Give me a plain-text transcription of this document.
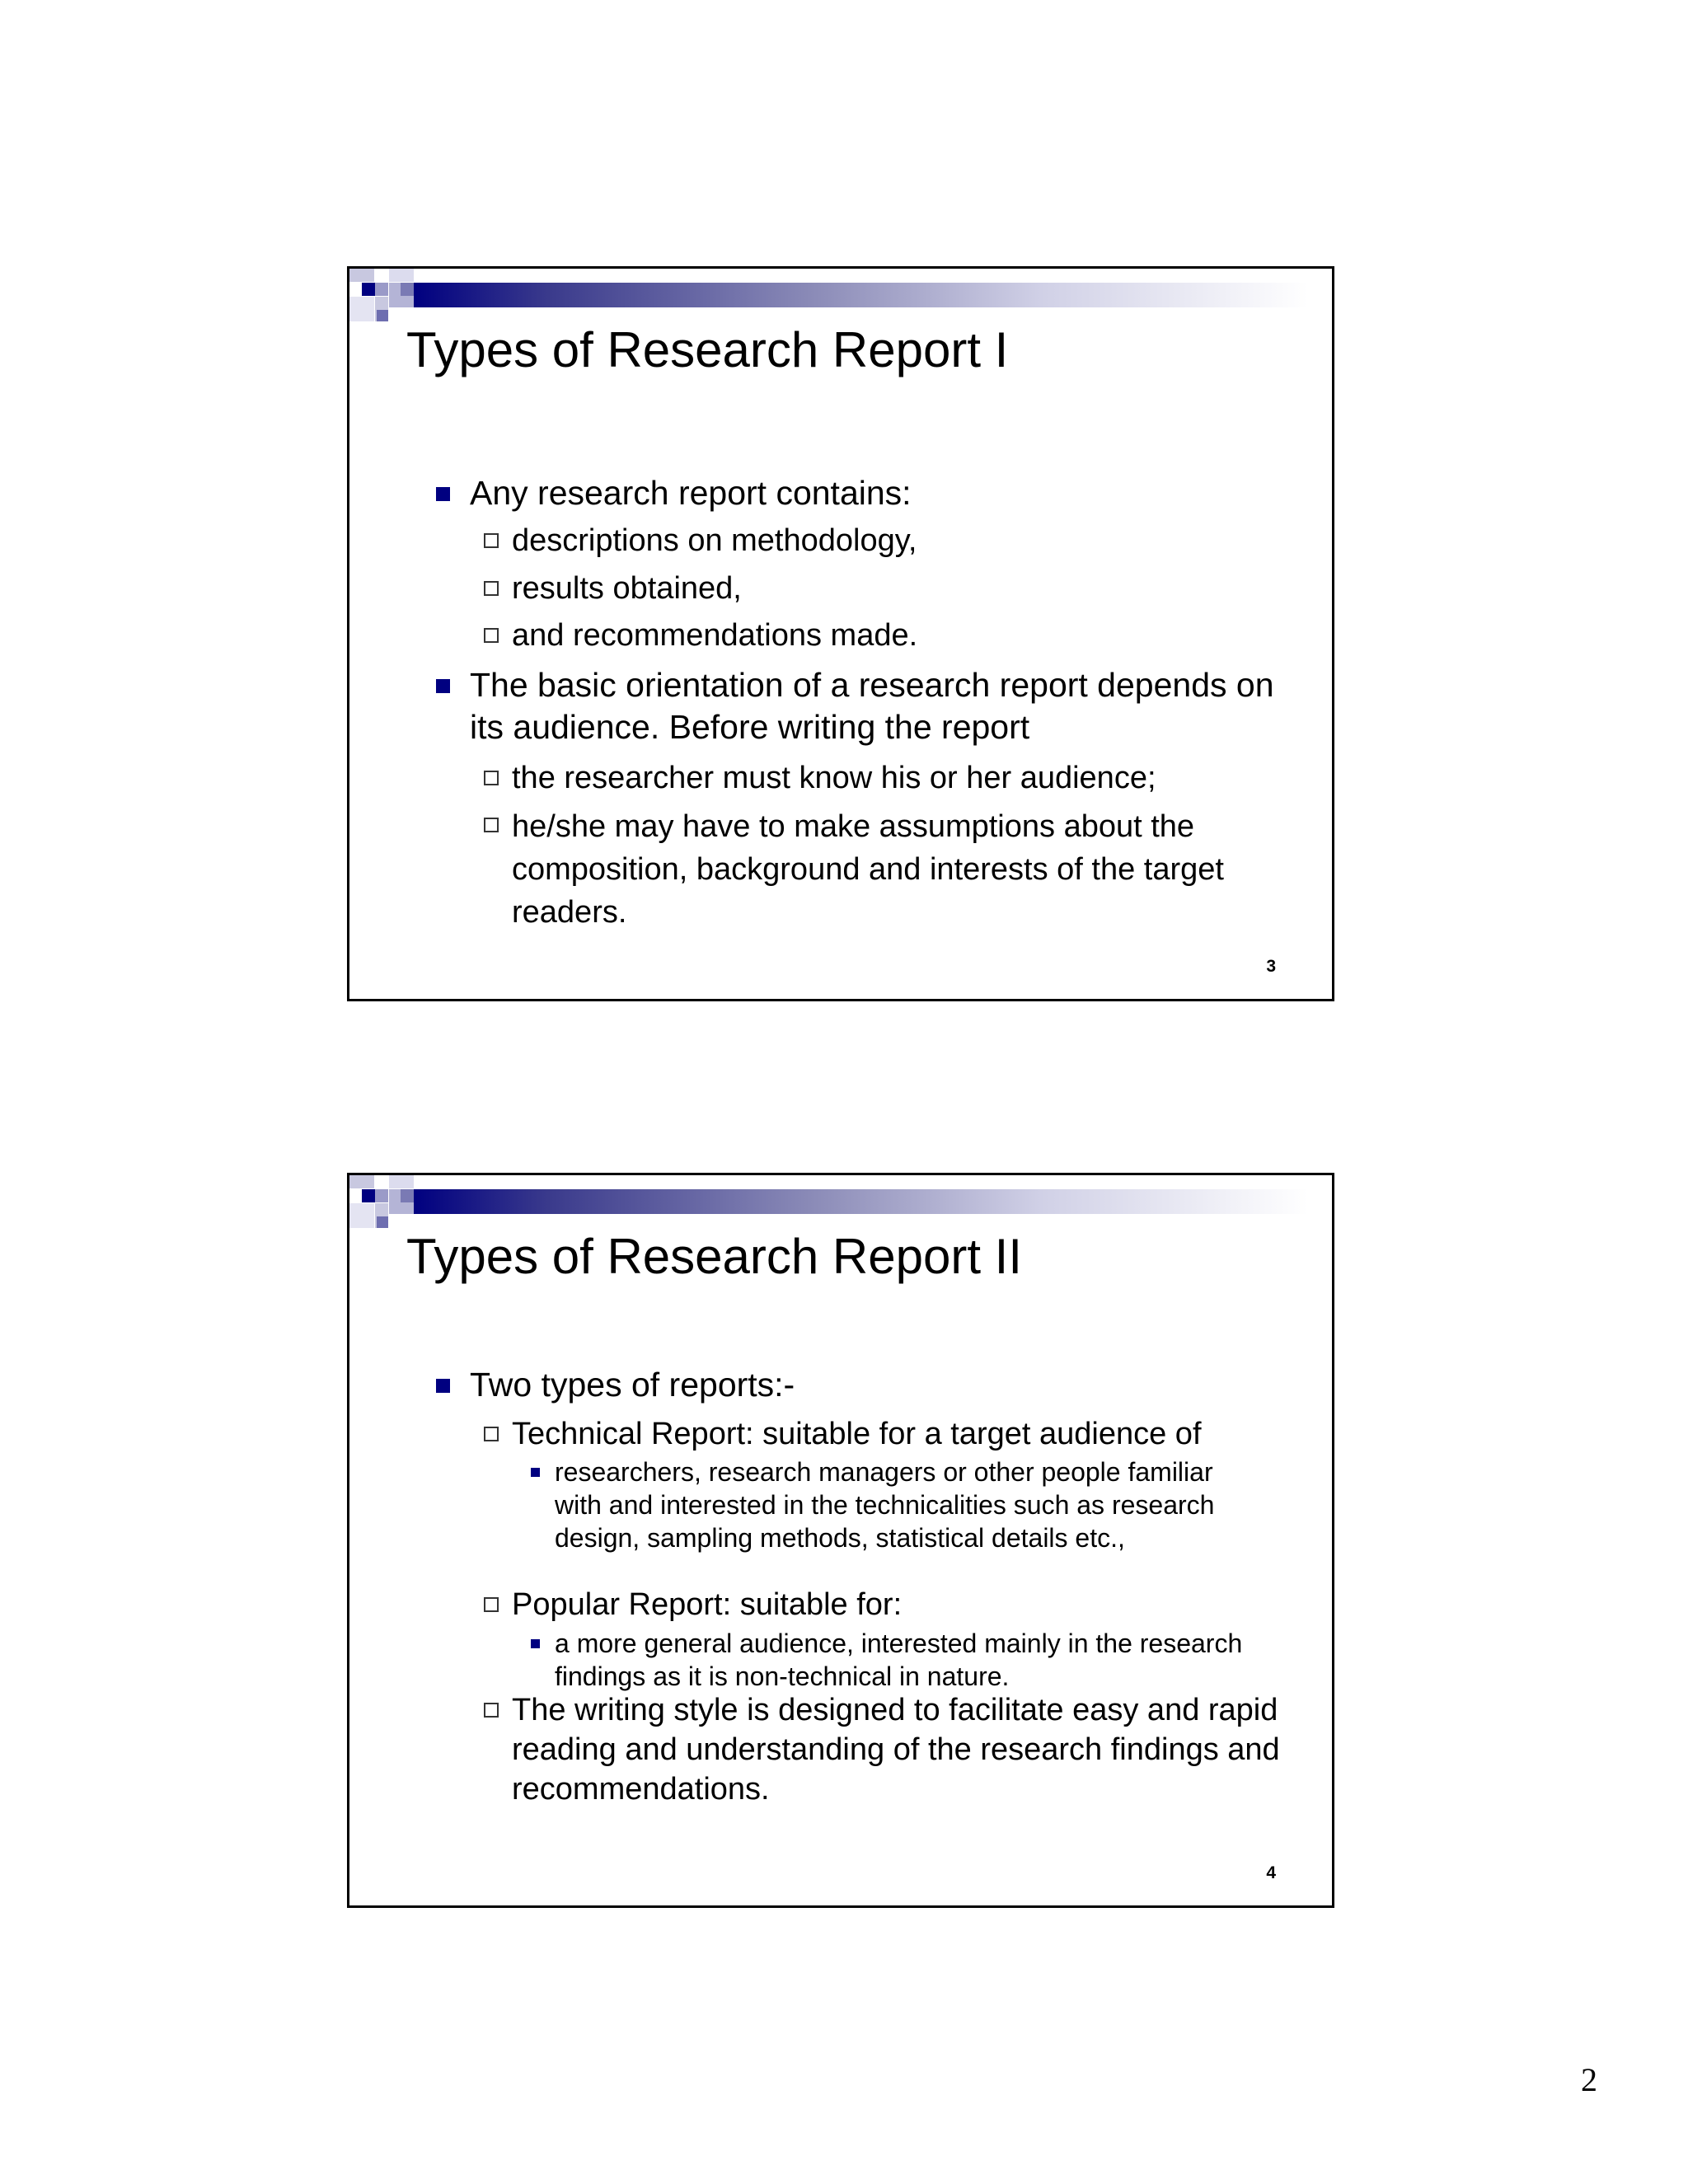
Types of Research Report I
Any research report contains:
descriptions on methodology,
results obtained,
and recommendations made.
The basic orientation of a research report depends on its audience. Before writing the report
the researcher must know his or her audience;
he/she may have to make assumptions about the composition, background and interests of the target readers.
3
Types of Research Report II
Two types of reports:-
Technical Report: suitable for a target audience of
researchers, research managers or other people familiar with and interested in the technicalities such as research design, sampling methods, statistical details etc.,
Popular Report: suitable for:
a more general audience, interested mainly in the research findings as it is non-technical in nature.
The writing style is designed to facilitate easy and rapid reading and understanding of the research findings and recommendations.
4
2
